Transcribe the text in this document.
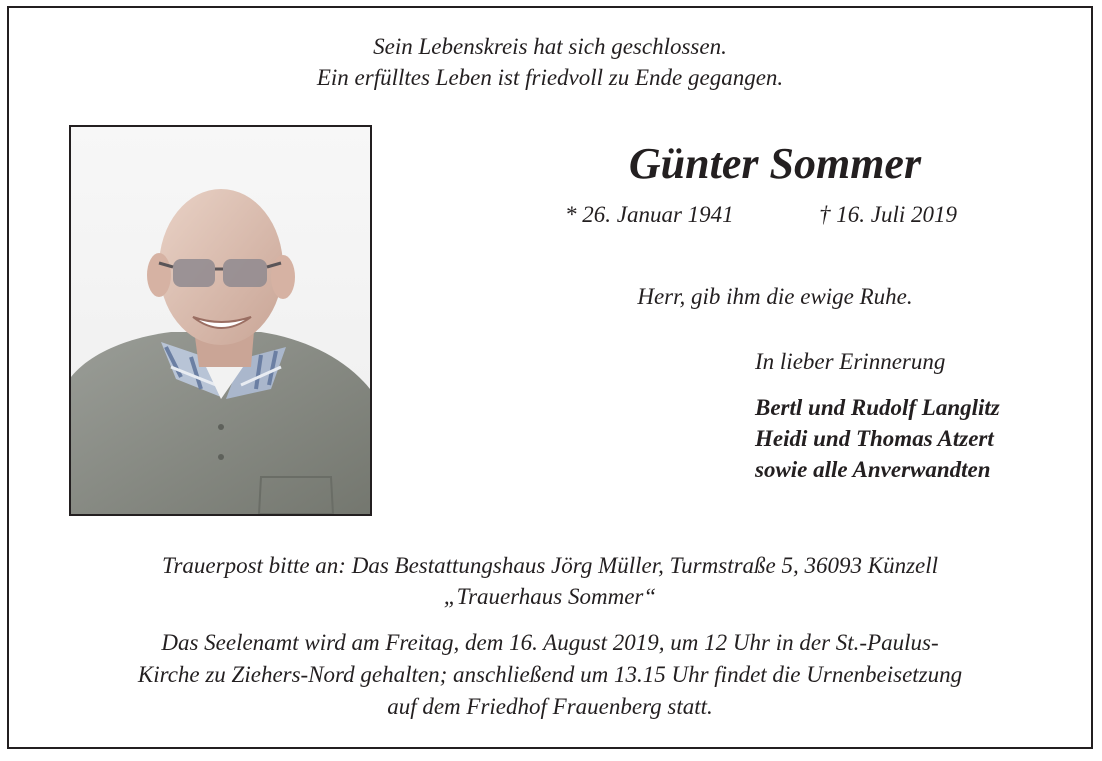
Sein Lebenskreis hat sich geschlossen.
Ein erfülltes Leben ist friedvoll zu Ende gegangen.
Günter Sommer
* 26. Januar 1941	† 16. Juli 2019
Herr, gib ihm die ewige Ruhe.
In lieber Erinnerung
Bertl und Rudolf Langlitz
Heidi und Thomas Atzert
sowie alle Anverwandten
Trauerpost bitte an: Das Bestattungshaus Jörg Müller, Turmstraße 5, 36093 Künzell
„Trauerhaus Sommer“
Das Seelenamt wird am Freitag, dem 16. August 2019, um 12 Uhr in der St.-Paulus-
Kirche zu Ziehers-Nord gehalten; anschließend um 13.15 Uhr findet die Urnenbeisetzung
auf dem Friedhof Frauenberg statt.
